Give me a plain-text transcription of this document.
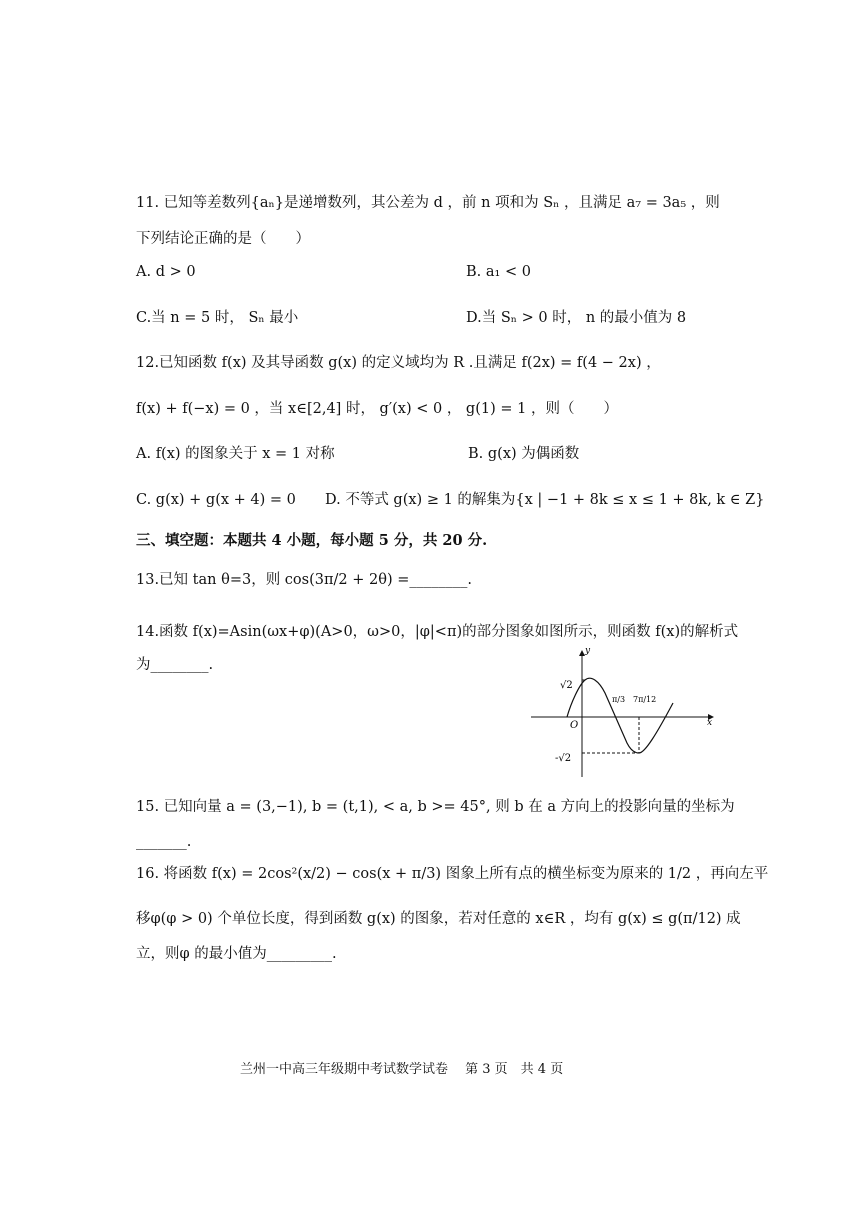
11. 已知等差数列{aₙ}是递增数列，其公差为 d ，前 n 项和为 Sₙ ，且满足 a₇ = 3a₅ ，则
下列结论正确的是（　　）
A. d > 0	B. a₁ < 0
C.当 n = 5 时， Sₙ 最小	D.当 Sₙ > 0 时， n 的最小值为 8
12.已知函数 f(x) 及其导函数 g(x) 的定义域均为 R .且满足 f(2x) = f(4 − 2x) ，
f(x) + f(−x) = 0 ，当 x∈[2,4] 时， g′(x) < 0 ， g(1) = 1 ，则（　　）
A. f(x) 的图象关于 x = 1 对称	B. g(x) 为偶函数
C. g(x) + g(x + 4) = 0 D. 不等式 g(x) ≥ 1 的解集为{x | −1 + 8k ≤ x ≤ 1 + 8k, k ∈ Z}
三、填空题：本题共 4 小题，每小题 5 分，共 20 分.
13.已知 tan θ=3，则 cos(3π/2 + 2θ) =________.
14.函数 f(x)=Asin(ωx+φ)(A>0，ω>0，|φ|<π)的部分图象如图所示，则函数 f(x)的解析式
为________.
y
x
O
√2
-√2
π/3 7π/12
15. 已知向量 a = (3,−1), b = (t,1), < a, b >= 45°, 则 b 在 a 方向上的投影向量的坐标为
_______.
16. 将函数 f(x) = 2cos²(x/2) − cos(x + π/3) 图象上所有点的横坐标变为原来的 1/2 ，再向左平
移φ(φ > 0) 个单位长度，得到函数 g(x) 的图象，若对任意的 x∈R ，均有 g(x) ≤ g(π/12) 成
立，则φ 的最小值为_________.
兰州一中高三年级期中考试数学试卷　 第 3 页　共 4 页
